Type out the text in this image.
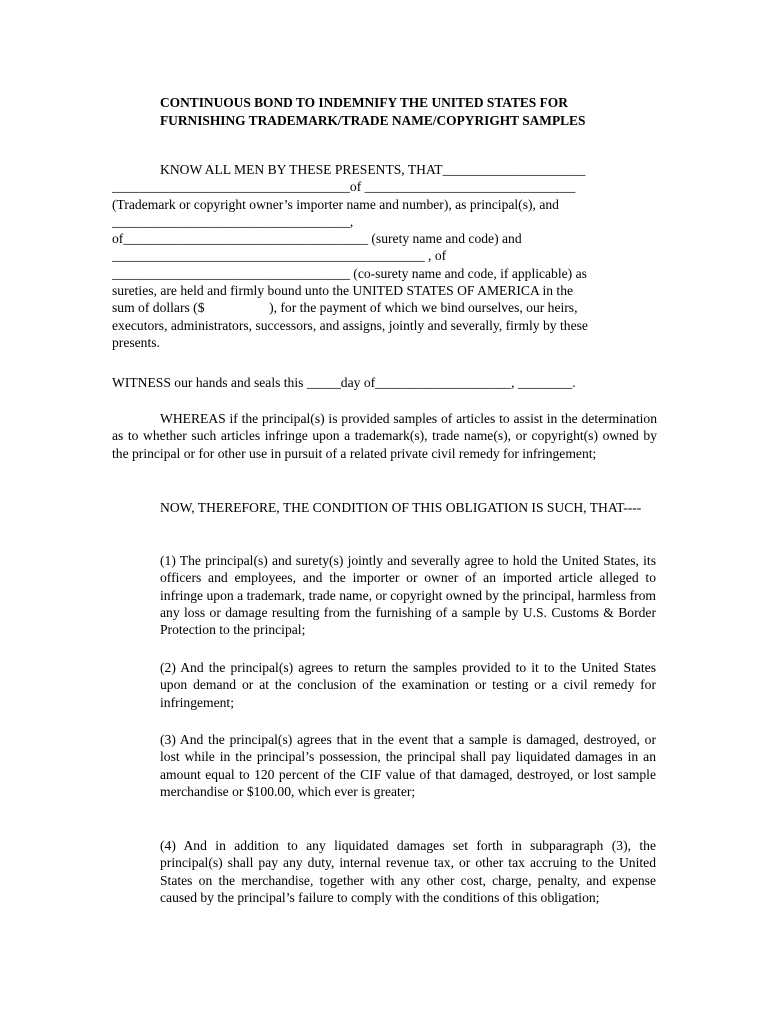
CONTINUOUS BOND TO INDEMNIFY THE UNITED STATES FOR
FURNISHING TRADEMARK/TRADE NAME/COPYRIGHT SAMPLES
KNOW ALL MEN BY THESE PRESENTS, THAT_____________________
___________________________________of _______________________________
(Trademark or copyright owner’s importer name and number), as principal(s), and
___________________________________,
of____________________________________ (surety name and code) and
______________________________________________ , of
___________________________________ (co-surety name and code, if applicable) as
sureties, are held and firmly bound unto the UNITED STATES OF AMERICA in the
sum of dollars ($                   ), for the payment of which we bind ourselves, our heirs,
executors, administrators, successors, and assigns, jointly and severally, firmly by these
presents.
WITNESS our hands and seals this _____day of____________________, ________.

WHEREAS if the principal(s) is provided samples of articles to assist in the determination as to whether such articles infringe upon a trademark(s), trade name(s), or copyright(s) owned by the principal or for other use in pursuit of a related private civil remedy for infringement;

NOW, THEREFORE, THE CONDITION OF THIS OBLIGATION IS SUCH, THAT----

(1) The principal(s) and surety(s) jointly and severally agree to hold the United States, its officers and employees, and the importer or owner of an imported article alleged to infringe upon a trademark, trade name, or copyright owned by the principal, harmless from any loss or damage resulting from the furnishing of a sample by U.S. Customs & Border Protection to the principal;

(2) And the principal(s) agrees to return the samples provided to it to the United States upon demand or at the conclusion of the examination or testing or a civil remedy for infringement;

(3) And the principal(s) agrees that in the event that a sample is damaged, destroyed, or lost while in the principal’s possession, the principal shall pay liquidated damages in an amount equal to 120 percent of the CIF value of that damaged, destroyed, or lost sample merchandise or $100.00, which ever is greater;

(4) And in addition to any liquidated damages set forth in subparagraph (3), the principal(s) shall pay any duty, internal revenue tax, or other tax accruing to the United States on the merchandise, together with any other cost, charge, penalty, and expense caused by the principal’s failure to comply with the conditions of this obligation;
